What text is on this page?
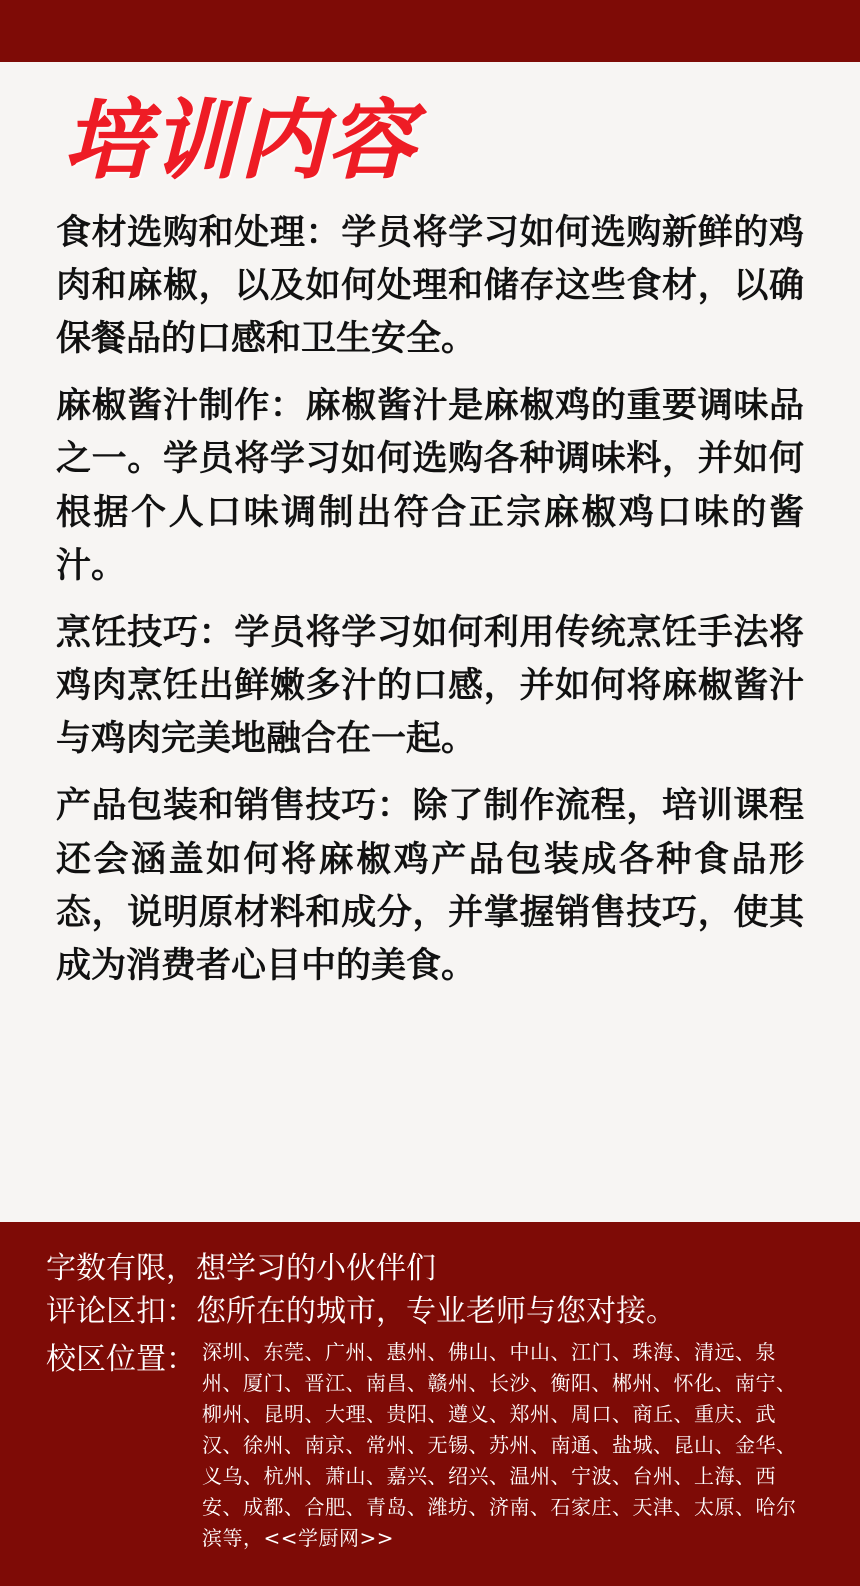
培训内容

食材选购和处理：学员将学习如何选购新鲜的鸡肉和麻椒，以及如何处理和储存这些食材，以确保餐品的口感和卫生安全。

麻椒酱汁制作：麻椒酱汁是麻椒鸡的重要调味品之一。学员将学习如何选购各种调味料，并如何根据个人口味调制出符合正宗麻椒鸡口味的酱汁。

烹饪技巧：学员将学习如何利用传统烹饪手法将鸡肉烹饪出鲜嫩多汁的口感，并如何将麻椒酱汁与鸡肉完美地融合在一起。

产品包装和销售技巧：除了制作流程，培训课程还会涵盖如何将麻椒鸡产品包装成各种食品形态，说明原材料和成分，并掌握销售技巧，使其成为消费者心目中的美食。

字数有限，想学习的小伙伴们
评论区扣：您所在的城市，专业老师与您对接。
校区位置： 深圳、东莞、广州、惠州、佛山、中山、江门、珠海、清远、泉州、厦门、晋江、南昌、赣州、长沙、衡阳、郴州、怀化、南宁、柳州、昆明、大理、贵阳、遵义、郑州、周口、商丘、重庆、武汉、徐州、南京、常州、无锡、苏州、南通、盐城、昆山、金华、义乌、杭州、萧山、嘉兴、绍兴、温州、宁波、台州、上海、西安、成都、合肥、青岛、潍坊、济南、石家庄、天津、太原、哈尔滨等，<<学厨网>>
